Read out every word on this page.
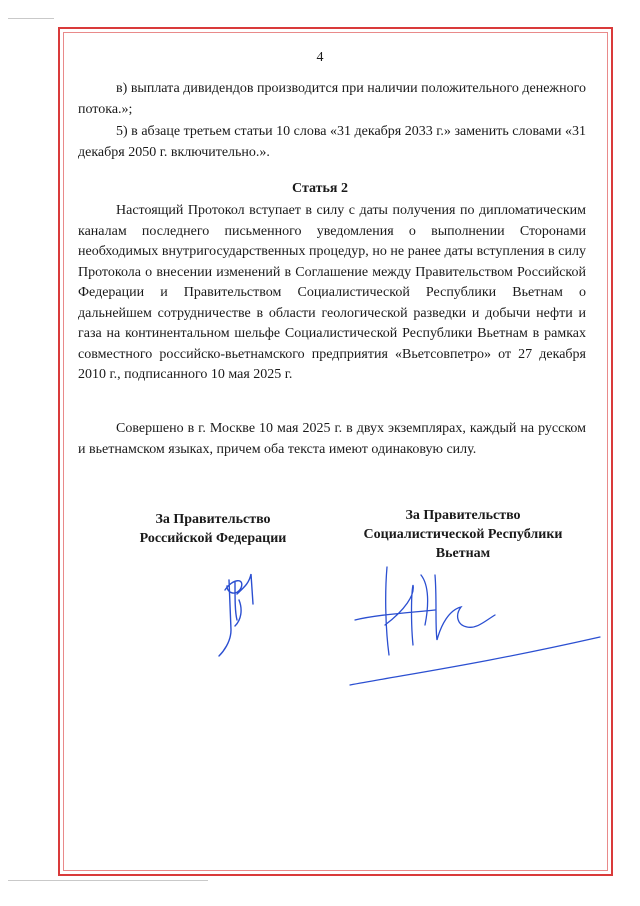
4

в) выплата дивидендов производится при наличии положительного денежного потока.»;

5) в абзаце третьем статьи 10 слова «31 декабря 2033 г.» заменить словами «31 декабря 2050 г. включительно.».

Статья 2

Настоящий Протокол вступает в силу с даты получения по дипломатическим каналам последнего письменного уведомления о выполнении Сторонами необходимых внутригосударственных процедур, но не ранее даты вступления в силу Протокола о внесении изменений в Соглашение между Правительством Российской Федерации и Правительством Социалистической Республики Вьетнам о дальнейшем сотрудничестве в области геологической разведки и добычи нефти и газа на континентальном шельфе Социалистической Республики Вьетнам в рамках совместного российско-вьетнамского предприятия «Вьетсовпетро» от 27 декабря 2010 г., подписанного 10 мая 2025 г.

Совершено в г. Москве 10 мая 2025 г. в двух экземплярах, каждый на русском и вьетнамском языках, причем оба текста имеют одинаковую силу.

За Правительство
Российской Федерации
За Правительство
Социалистической Республики
Вьетнам
